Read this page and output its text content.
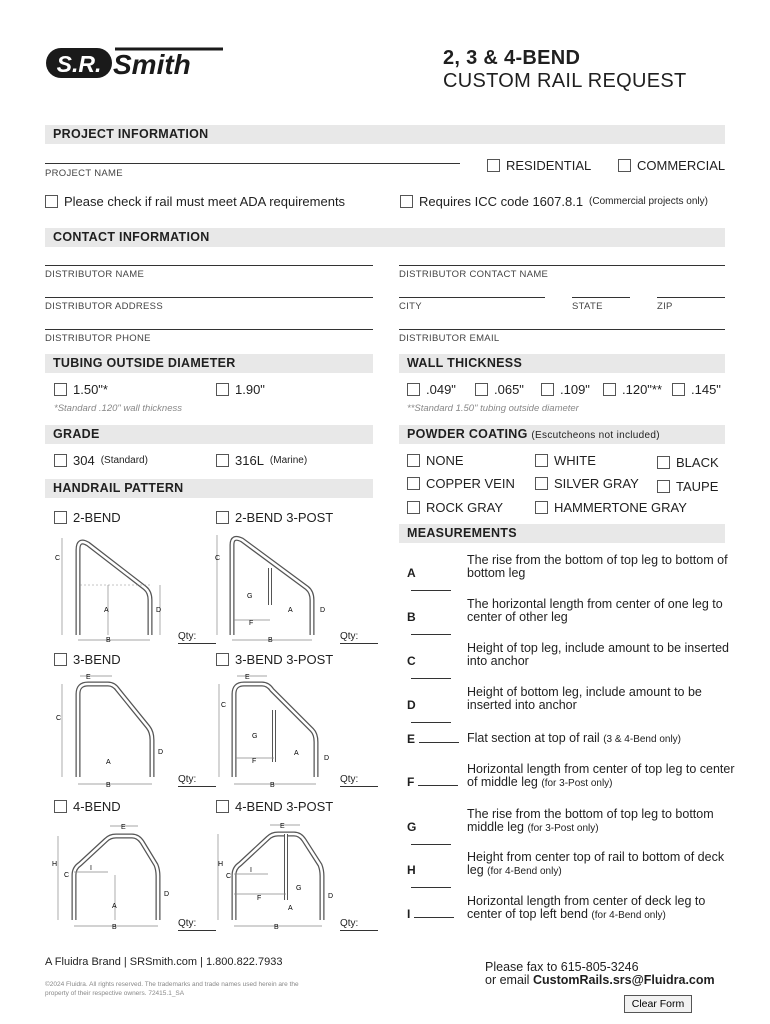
S.R. Smith	2, 3 & 4-BEND
CUSTOM RAIL REQUEST
PROJECT INFORMATION
PROJECT NAME
RESIDENTIAL	COMMERCIAL
Please check if rail must meet ADA requirements	Requires ICC code 1607.8.1 (Commercial projects only)
CONTACT INFORMATION
DISTRIBUTOR NAME	DISTRIBUTOR CONTACT NAME
DISTRIBUTOR ADDRESS	CITY	STATE	ZIP
DISTRIBUTOR PHONE	DISTRIBUTOR EMAIL
TUBING OUTSIDE DIAMETER
1.50"*	1.90"
*Standard .120" wall thickness
WALL THICKNESS
.049"	.065"	.109" .120"** .145"
**Standard 1.50" tubing outside diameter
GRADE
304 (Standard)	316L (Marine)
POWDER COATING (Escutcheons not included)
NONE	WHITE	BLACK
COPPER VEIN	SILVER GRAY	TAUPE
ROCK GRAY	HAMMERTONE GRAY
HANDRAIL PATTERN
2-BEND	2-BEND 3-POST
C
A	D
B	Qty:
C
G
F
A	D
B	Qty:
3-BEND	3-BEND 3-POST
E
C
A
D
B
Qty:
E
C
G
F
A
D
B
Qty:
4-BEND	4-BEND 3-POST
E
H
C
I
A
D
B	Qty:
E
H
C
I
F
G
A
D
B	Qty:
MEASUREMENTS
A
The rise from the bottom of top leg to bottom of bottom leg
B
The horizontal length from center of one leg to center of other leg
C
Height of top leg, include amount to be inserted into anchor
D
Height of bottom leg, include amount to be inserted into anchor
E	Flat section at top of rail (3 & 4-Bend only)
F
Horizontal length from center of top leg to center of middle leg (for 3-Post only)
G
The rise from the bottom of top leg to bottom middle leg (for 3-Post only)
H
Height from center top of rail to bottom of deck leg (for 4-Bend only)
I
Horizontal length from center of deck leg to center of top left bend (for 4-Bend only)
A Fluidra Brand | SRSmith.com | 1.800.822.7933
©2024 Fluidra. All rights reserved. The trademarks and trade names used herein are the property of their respective owners. 72415.1_SA
Please fax to 615-805-3246
or email CustomRails.srs@Fluidra.com
Clear Form
